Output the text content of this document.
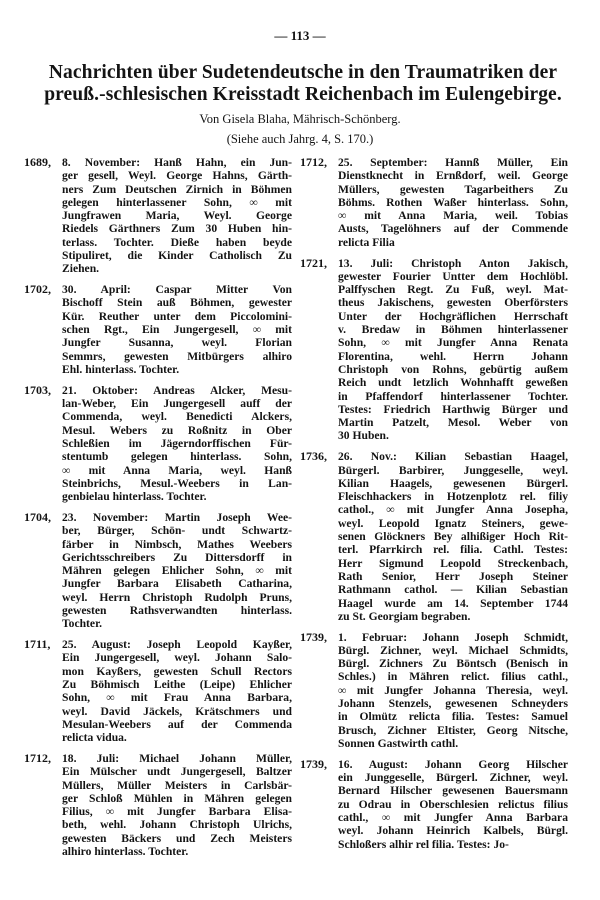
— 113 —
Nachrichten über Sudetendeutsche in den Traumatriken der
preuß.-schlesischen Kreisstadt Reichenbach im Eulengebirge.
Von Gisela Blaha, Mährisch-Schönberg.
(Siehe auch Jahrg. 4, S. 170.)
1689, 8. November: Hanß Hahn, ein Jun-
ger gesell, Weyl. George Hahns, Gärth-
ners Zum Deutschen Zirnich in Böhmen
gelegen hinterlassener Sohn, ∞ mit
Jungfrawen Maria, Weyl. George
Riedels Gärthners Zum 30 Huben hin-
terlass. Tochter. Dieße haben beyde
Stipuliret, die Kinder Catholisch Zu
Ziehen.
1702, 30. April: Caspar Mitter Von
Bischoff Stein auß Böhmen, gewester
Kür. Reuther unter dem Piccolomini-
schen Rgt., Ein Jungergesell, ∞ mit
Jungfer Susanna, weyl. Florian
Semmrs, gewesten Mitbürgers alhiro
Ehl. hinterlass. Tochter.
1703, 21. Oktober: Andreas Alcker, Mesu-
lan-Weber, Ein Jungergesell auff der
Commenda, weyl. Benedicti Alckers,
Mesul. Webers zu Roßnitz in Ober
Schleßien im Jägerndorffischen Für-
stentumb gelegen hinterlass. Sohn,
∞ mit Anna Maria, weyl. Hanß
Steinbrichs, Mesul.-Weebers in Lan-
genbielau hinterlass. Tochter.
1704, 23. November: Martin Joseph Wee-
ber, Bürger, Schön- undt Schwartz-
färber in Nimbsch, Mathes Weebers
Gerichtsschreibers Zu Dittersdorff in
Mähren gelegen Ehlicher Sohn, ∞ mit
Jungfer Barbara Elisabeth Catharina,
weyl. Herrn Christoph Rudolph Pruns,
gewesten Rathsverwandten hinterlass.
Tochter.
1711, 25. August: Joseph Leopold Kayßer,
Ein Jungergesell, weyl. Johann Salo-
mon Kayßers, gewesten Schull Rectors
Zu Böhmisch Leithe (Leipe) Ehlicher
Sohn, ∞ mit Frau Anna Barbara,
weyl. David Jäckels, Krätschmers und
Mesulan-Weebers auf der Commenda
relicta vidua.
1712, 18. Juli: Michael Johann Müller,
Ein Mülscher undt Jungergesell, Baltzer
Müllers, Müller Meisters in Carlsbär-
ger Schloß Mühlen in Mähren gelegen
Filius, ∞ mit Jungfer Barbara Elisa-
beth, wehl. Johann Christoph Ulrichs,
gewesten Bäckers und Zech Meisters
alhiro hinterlass. Tochter.
1712, 25. September: Hannß Müller, Ein
Dienstknecht in Ernßdorf, weil. George
Müllers, gewesten Tagarbeithers Zu
Böhms. Rothen Waßer hinterlass. Sohn,
∞ mit Anna Maria, weil. Tobias
Austs, Tagelöhners auf der Commende
relicta Filia
1721, 13. Juli: Christoph Anton Jakisch,
gewester Fourier Untter dem Hochlöbl.
Palffyschen Regt. Zu Fuß, weyl. Mat-
theus Jakischens, gewesten Oberförsters
Unter der Hochgräflichen Herrschaft
v. Bredaw in Böhmen hinterlassener
Sohn, ∞ mit Jungfer Anna Renata
Florentina, wehl. Herrn Johann
Christoph von Rohns, gebürtig außem
Reich undt letzlich Wohnhafft geweßen
in Pfaffendorf hinterlassener Tochter.
Testes: Friedrich Harthwig Bürger und
Martin Patzelt, Mesol. Weber von
30 Huben.
1736, 26. Nov.: Kilian Sebastian Haagel,
Bürgerl. Barbirer, Junggeselle, weyl.
Kilian Haagels, gewesenen Bürgerl.
Fleischhackers in Hotzenplotz rel. filiy
cathol., ∞ mit Jungfer Anna Josepha,
weyl. Leopold Ignatz Steiners, gewe-
senen Glöckners Bey alhißiger Hoch Rit-
terl. Pfarrkirch rel. filia. Cathl. Testes:
Herr Sigmund Leopold Streckenbach,
Rath Senior, Herr Joseph Steiner
Rathmann cathol. — Kilian Sebastian
Haagel wurde am 14. September 1744
zu St. Georgiam begraben.
1739, 1. Februar: Johann Joseph Schmidt,
Bürgl. Zichner, weyl. Michael Schmidts,
Bürgl. Zichners Zu Böntsch (Benisch in
Schles.) in Mähren relict. filius cathl.,
∞ mit Jungfer Johanna Theresia, weyl.
Johann Stenzels, gewesenen Schneyders
in Olmütz relicta filia. Testes: Samuel
Brusch, Zichner Eltister, Georg Nitsche,
Sonnen Gastwirth cathl.
1739, 16. August: Johann Georg Hilscher
ein Junggeselle, Bürgerl. Zichner, weyl.
Bernard Hilscher gewesenen Bauersmann
zu Odrau in Oberschlesien relictus filius
cathl., ∞ mit Jungfer Anna Barbara
weyl. Johann Heinrich Kalbels, Bürgl.
Schloßers alhir rel filia. Testes: Jo-
